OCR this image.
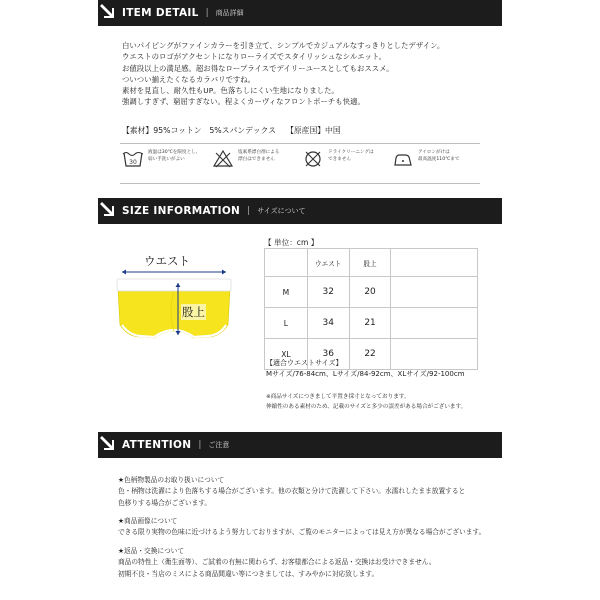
ITEM DETAIL | 商品詳細
白いパイピングがファインカラーを引き立て、シンプルでカジュアルなすっきりとしたデザイン。
ウエストのロゴがアクセントになりローライズでスタイリッシュなシルエット。
お値段以上の満足感。超お得なロープライスでデイリーユースとしてもおススメ。
ついつい揃えたくなるカラバリですね。
素材を見直し、耐久性もUP。色落ちしにくい生地になりました。
強調しすぎず、窮屈すぎない。程よくカーヴィなフロントポーチも快適。
【素材】95%コットン　5%スパンデックス 【原産国】中国
30
液温は30℃を限度とし、
弱い手洗いがよい
塩素系漂白剤による
漂白はできません
ドライクリーニングは
できません
アイロンがけは
最高温度110℃まで
SIZE INFORMATION | サイズについて
ウエスト
股上
【 単位：cm 】
	ウエスト	股上	
M	32	20	
L	34	21	
XL	36	22	
【適合ウエストサイズ】
Mサイズ/76-84cm、Lサイズ/84-92cm、XLサイズ/92-100cm
※商品サイズにつきまして平置き採寸となっております。
伸縮性のある素材のため、記載のサイズと多少の誤差がある場合がございます。
ATTENTION | ご注意
★色柄物製品のお取り扱いについて
色・柄物は洗濯により色落ちする場合がございます。他の衣類と分けて洗濯して下さい。水濡れしたまま放置すると
色移りする場合がございます。
★商品画像について
できる限り実物の色味に近づけるよう努力しておりますが、ご覧のモニターによっては見え方が異なる場合がございます。
★返品・交換について
商品の特性上（衛生面等）、ご試着の有無に関わらず、お客様都合による返品・交換はお受けできません。
初期不良・当店のミスによる商品間違い等につきましては、すみやかに対応致します。
